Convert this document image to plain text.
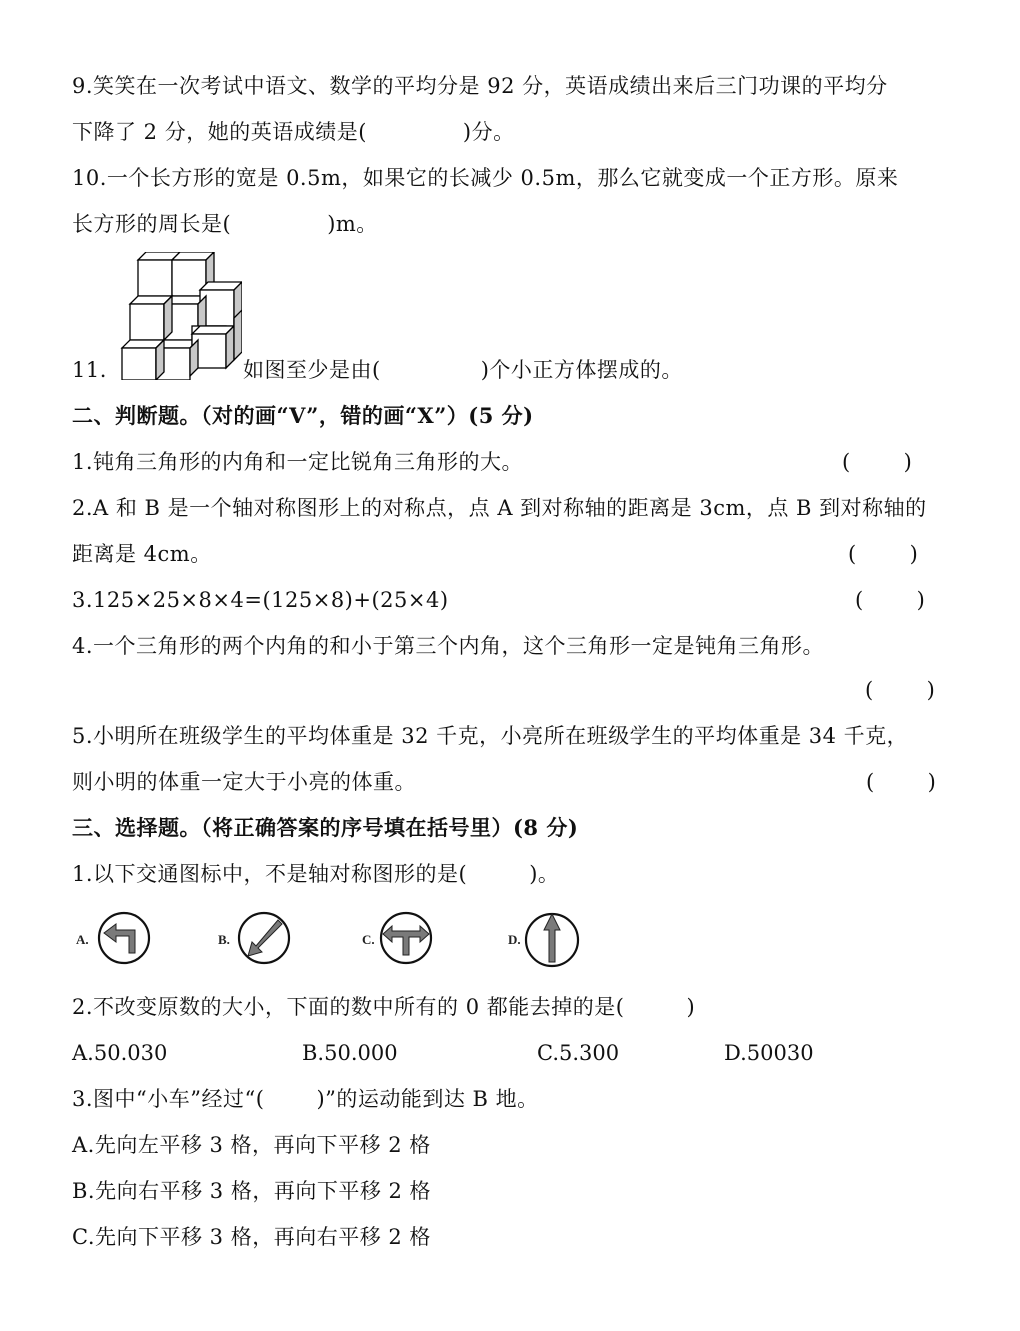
9.笑笑在一次考试中语文、数学的平均分是 92 分，英语成绩出来后三门功课的平均分
下降了 2 分，她的英语成绩是(	)分。
10.一个长方形的宽是 0.5m，如果它的长减少 0.5m，那么它就变成一个正方形。原来
长方形的周长是(	)m。
11.	如图至少是由(	)个小正方体摆成的。
二、判断题。（对的画“V”，错的画“X”）(5 分)
1.钝角三角形的内角和一定比锐角三角形的大。	(        )
2.A 和 B 是一个轴对称图形上的对称点，点 A 到对称轴的距离是 3cm，点 B 到对称轴的
距离是 4cm。	(        )
3.125×25×8×4=(125×8)+(25×4)	(        )
4.一个三角形的两个内角的和小于第三个内角，这个三角形一定是钝角三角形。
(        )
5.小明所在班级学生的平均体重是 32 千克，小亮所在班级学生的平均体重是 34 千克，
则小明的体重一定大于小亮的体重。	(        )
三、选择题。（将正确答案的序号填在括号里）(8 分)
1.以下交通图标中，不是轴对称图形的是(	)。
A.	B.	C.	D.
2.不改变原数的大小，下面的数中所有的 0 都能去掉的是(	)
A.50.030	B.50.000	C.5.300	D.50030
3.图中“小车”经过“( )”的运动能到达 B 地。
A.先向左平移 3 格，再向下平移 2 格
B.先向右平移 3 格，再向下平移 2 格
C.先向下平移 3 格，再向右平移 2 格
